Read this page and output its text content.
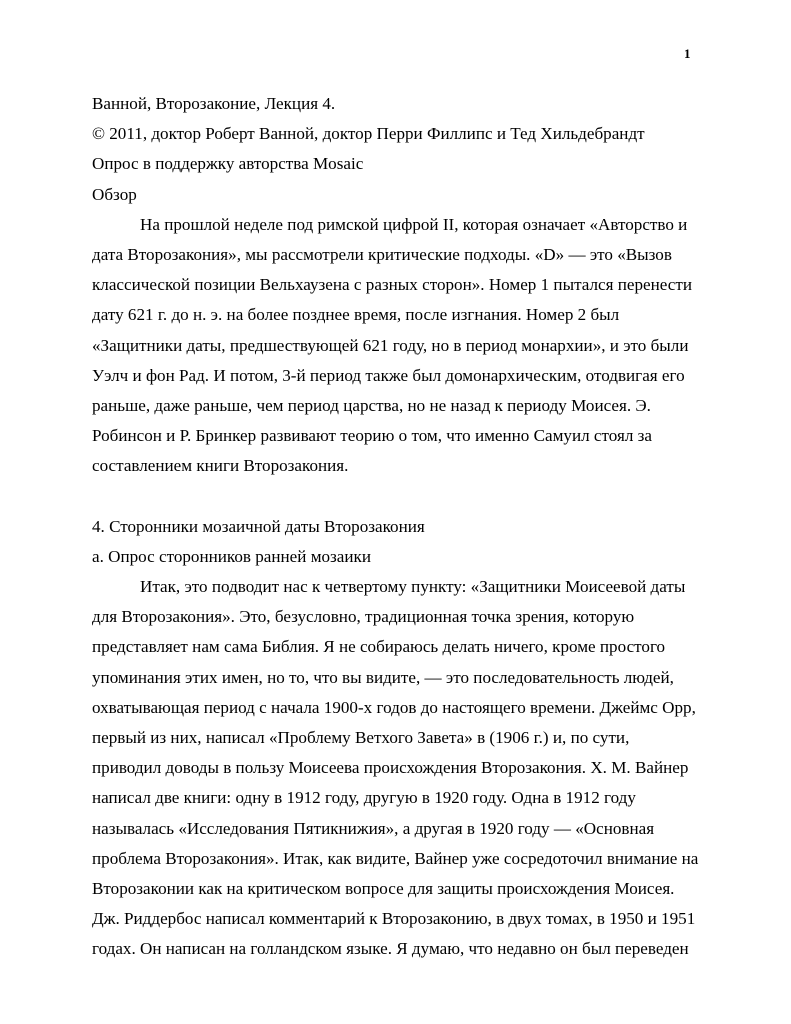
1
Ванной, Второзаконие, Лекция 4.
© 2011, доктор Роберт Ванной, доктор Перри Филлипс и Тед Хильдебрандт
Опрос в поддержку авторства Mosaic
Обзор
На прошлой неделе под римской цифрой II, которая означает «Авторство и
дата Второзакония», мы рассмотрели критические подходы. «D» — это «Вызов
классической позиции Вельхаузена с разных сторон». Номер 1 пытался перенести
дату 621 г. до н. э. на более позднее время, после изгнания. Номер 2 был
«Защитники даты, предшествующей 621 году, но в период монархии», и это были
Уэлч и фон Рад. И потом, 3-й период также был домонархическим, отодвигая его
раньше, даже раньше, чем период царства, но не назад к периоду Моисея. Э.
Робинсон и Р. Бринкер развивают теорию о том, что именно Самуил стоял за
составлением книги Второзакония.
4. Сторонники мозаичной даты Второзакония
а. Опрос сторонников ранней мозаики
Итак, это подводит нас к четвертому пункту: «Защитники Моисеевой даты
для Второзакония». Это, безусловно, традиционная точка зрения, которую
представляет нам сама Библия. Я не собираюсь делать ничего, кроме простого
упоминания этих имен, но то, что вы видите, — это последовательность людей,
охватывающая период с начала 1900-х годов до настоящего времени. Джеймс Орр,
первый из них, написал «Проблему Ветхого Завета» в (1906 г.) и, по сути,
приводил доводы в пользу Моисеева происхождения Второзакония. Х. М. Вайнер
написал две книги: одну в 1912 году, другую в 1920 году. Одна в 1912 году
называлась «Исследования Пятикнижия», а другая в 1920 году — «Основная
проблема Второзакония». Итак, как видите, Вайнер уже сосредоточил внимание на
Второзаконии как на критическом вопросе для защиты происхождения Моисея.
Дж. Риддербос написал комментарий к Второзаконию, в двух томах, в 1950 и 1951
годах. Он написан на голландском языке. Я думаю, что недавно он был переведен
